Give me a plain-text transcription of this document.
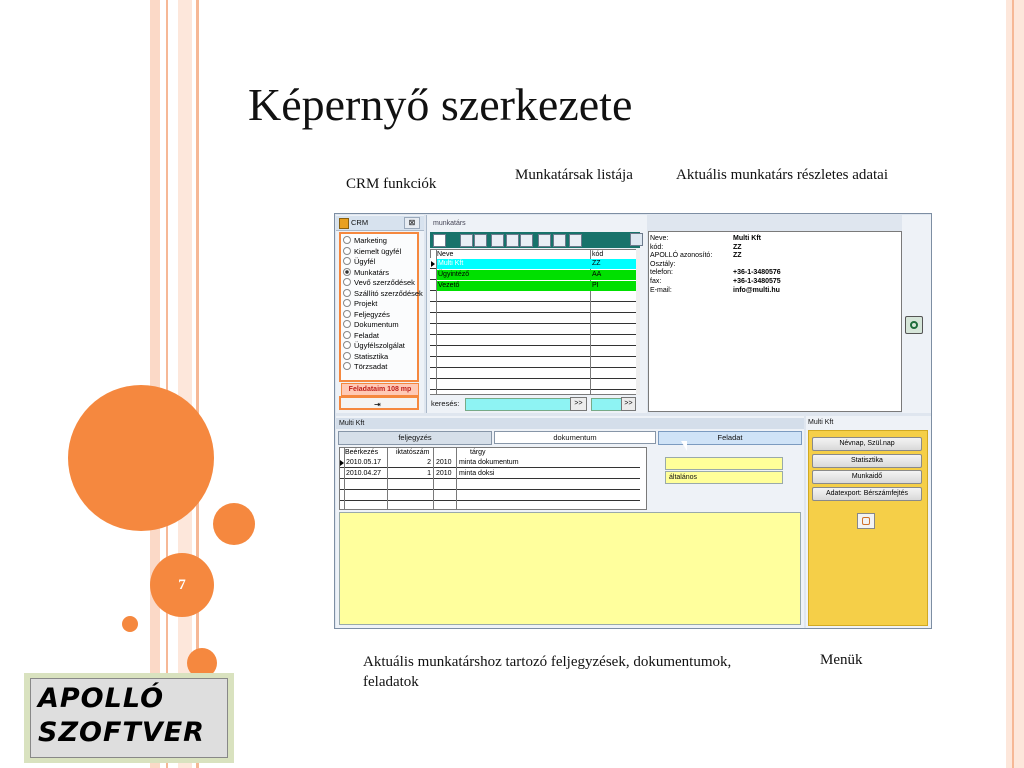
7
Képernyő szerkezete
CRM funkciók
Munkatársak listája	Aktuális munkatárs részletes adatai
Aktuális munkatárshoz tartozó feljegyzések, dokumentumok, feladatok
Menük
CRM	⊠
Marketing
Kiemelt ügyfél
Ügyfél
Munkatárs
Vevő szerződések
Szállító szerződések
Projekt
Feljegyzés
Dokumentum
Feladat
Ügyfélszolgálat
Statisztika
Törzsadat
Feladataim 108 mp
⇥
munkatárs
Neve	kód
Multi Kft	ZZ
Ügyintéző	AA
Vezető	PI
keresés:	>>	>>
Neve:	Multi Kft
kód:	ZZ
APOLLÓ azonosító:	ZZ
Osztály:
telefon:	+36-1-3480576
fax:	+36-1-3480575
E-mail:	info@multi.hu
Multi Kft
feljegyzés	dokumentum	Feladat
Beérkezés	iktatószám	tárgy
2010.05.17	2 2010 minta dokumentum
2010.04.27	1 2010 minta doksi
általános
Multi Kft
Névnap, Szül.nap
Statisztika
Munkaidő
Adatexport: Bérszámfejtés
APOLLÓ
SZOFTVER
